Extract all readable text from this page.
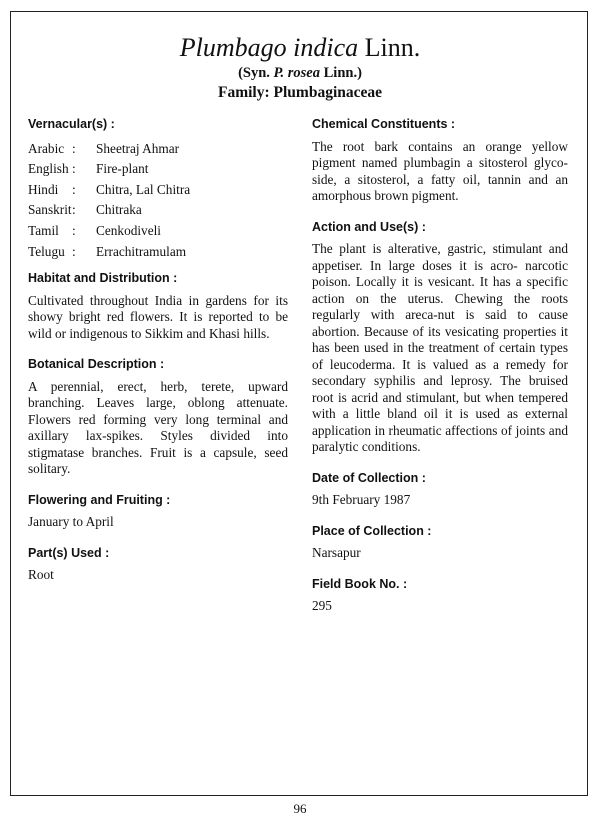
Plumbago indica Linn.
(Syn. P. rosea Linn.)
Family: Plumbaginaceae
Vernacular(s) :
Arabic :	Sheetraj Ahmar
English :	Fire-plant
Hindi	:	Chitra, Lal Chitra
Sanskrit :	Chitraka
Tamil :	Cenkodiveli
Telugu :	Errachitramulam
Habitat and Distribution :
Cultivated throughout India in gardens for its showy bright red flowers. It is reported to be wild or indigenous to Sikkim and Khasi hills.
Botanical Description :
A perennial, erect, herb, terete, upward branching. Leaves large, oblong attenuate. Flowers red forming very long terminal and axillary lax-spikes. Styles divided into stigmatase branches. Fruit is a capsule, seed solitary.
Flowering and Fruiting :
January to April
Part(s) Used :
Root
Chemical Constituents :
The root bark contains an orange yellow pigment named plumbagin a sitosterol glyco-side, a sitosterol, a fatty oil, tannin and an amorphous brown pigment.
Action and Use(s) :
The plant is alterative, gastric, stimulant and appetiser. In large doses it is acro- narcotic poison. Locally it is vesicant. It has a specific action on the uterus. Chewing the roots regularly with areca-nut is said to cause abortion. Because of its vesicating properties it has been used in the treatment of certain types of leucoderma. It is valued as a remedy for secondary syphilis and leprosy. The bruised root is acrid and stimulant, but when tempered with a little bland oil it is used as external application in rheumatic affections of joints and paralytic conditions.
Date of Collection :
9th February 1987
Place of Collection :
Narsapur
Field Book No. :
295
96
